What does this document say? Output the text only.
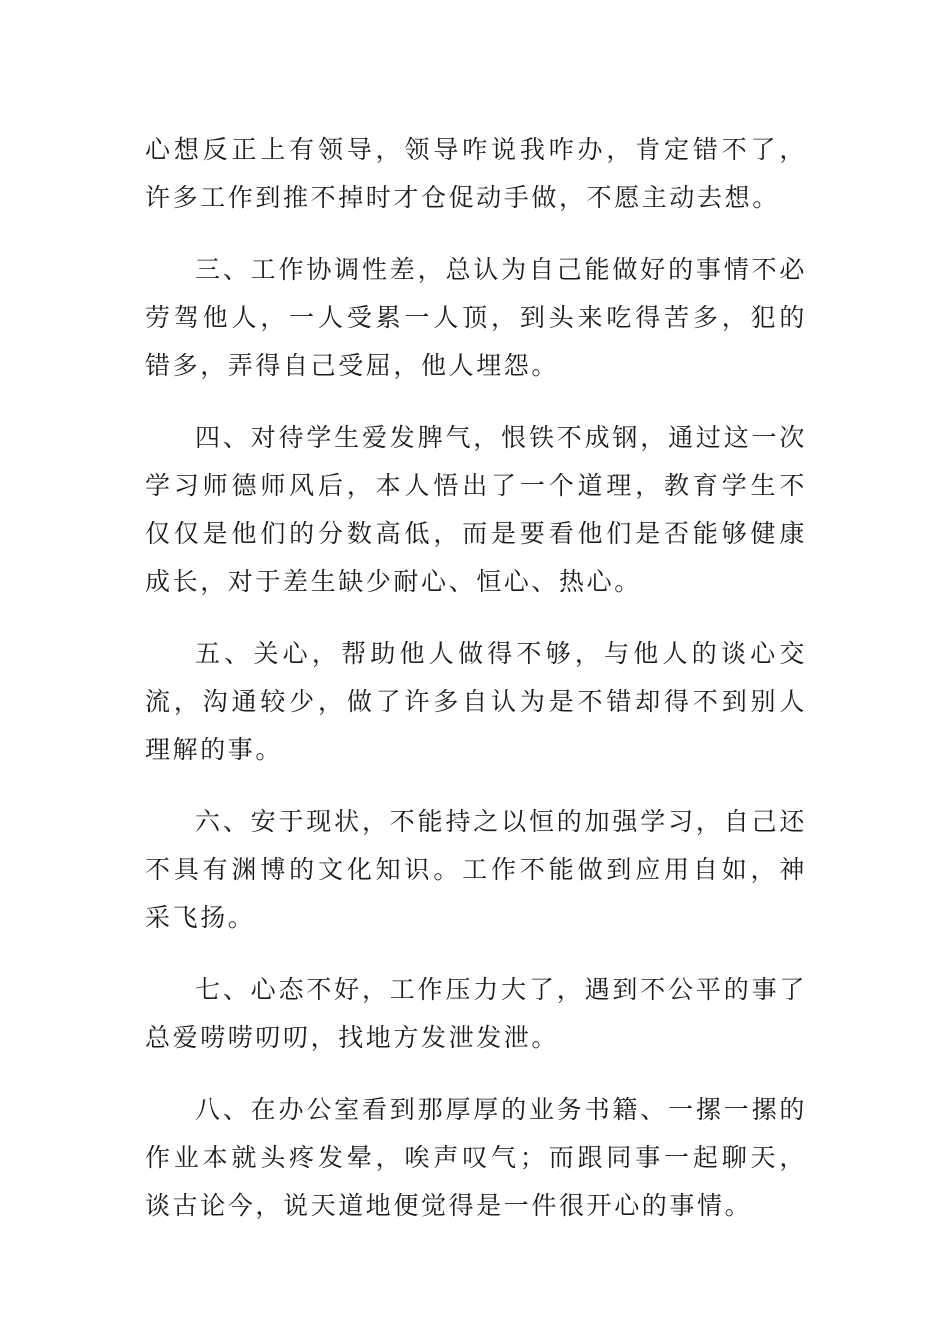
心想反正上有领导，领导咋说我咋办，肯定错不了，许多工作到推不掉时才仓促动手做，不愿主动去想。

三、工作协调性差，总认为自己能做好的事情不必劳驾他人，一人受累一人顶，到头来吃得苦多，犯的错多，弄得自己受屈，他人埋怨。

四、对待学生爱发脾气，恨铁不成钢，通过这一次学习师德师风后，本人悟出了一个道理，教育学生不仅仅是他们的分数高低，而是要看他们是否能够健康成长，对于差生缺少耐心、恒心、热心。

五、关心，帮助他人做得不够，与他人的谈心交流，沟通较少，做了许多自认为是不错却得不到别人理解的事。

六、安于现状，不能持之以恒的加强学习，自己还不具有渊博的文化知识。工作不能做到应用自如，神采飞扬。

七、心态不好，工作压力大了，遇到不公平的事了总爱唠唠叨叨，找地方发泄发泄。

八、在办公室看到那厚厚的业务书籍、一摞一摞的作业本就头疼发晕，唉声叹气；而跟同事一起聊天，谈古论今，说天道地便觉得是一件很开心的事情。
